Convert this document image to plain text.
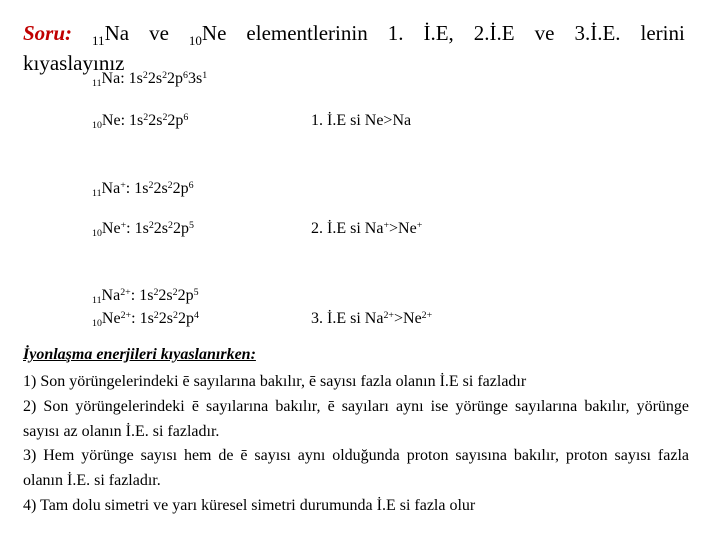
Soru: $_{11}$Na ve $_{10}$Ne elementlerinin 1. İ.E, 2.İ.E ve 3.İ.E. lerini
kıyaslayınız
$_{11}$Na: $1s^22s^22p^63s^1$
$_{10}$Ne: $1s^22s^22p^6$	1. İ.E si Ne>Na
$_{11}$Na+: $1s^22s^22p^6$
$_{10}$Ne+: $1s^22s^22p^5$	2. İ.E si Na+>Ne+
$_{11}Na^{2+}$: $1s^22s^22p^5$
$_{10}Ne^{2+}$: $1s^22s^22p^4$	3. İ.E si $Na^{2+}>Ne^{2+}$
İyonlaşma enerjileri kıyaslanırken:
1) Son yörüngelerindeki ē sayılarına bakılır, ē sayısı fazla olanın İ.E si fazladır
2) Son yörüngelerindeki ē sayılarına bakılır, ē sayıları aynı ise yörünge sayılarına bakılır, yörünge sayısı az olanın İ.E. si fazladır.
3) Hem yörünge sayısı hem de ē sayısı aynı olduğunda proton sayısına bakılır, proton sayısı fazla olanın İ.E. si fazladır.
4) Tam dolu simetri ve yarı küresel simetri durumunda İ.E si fazla olur
